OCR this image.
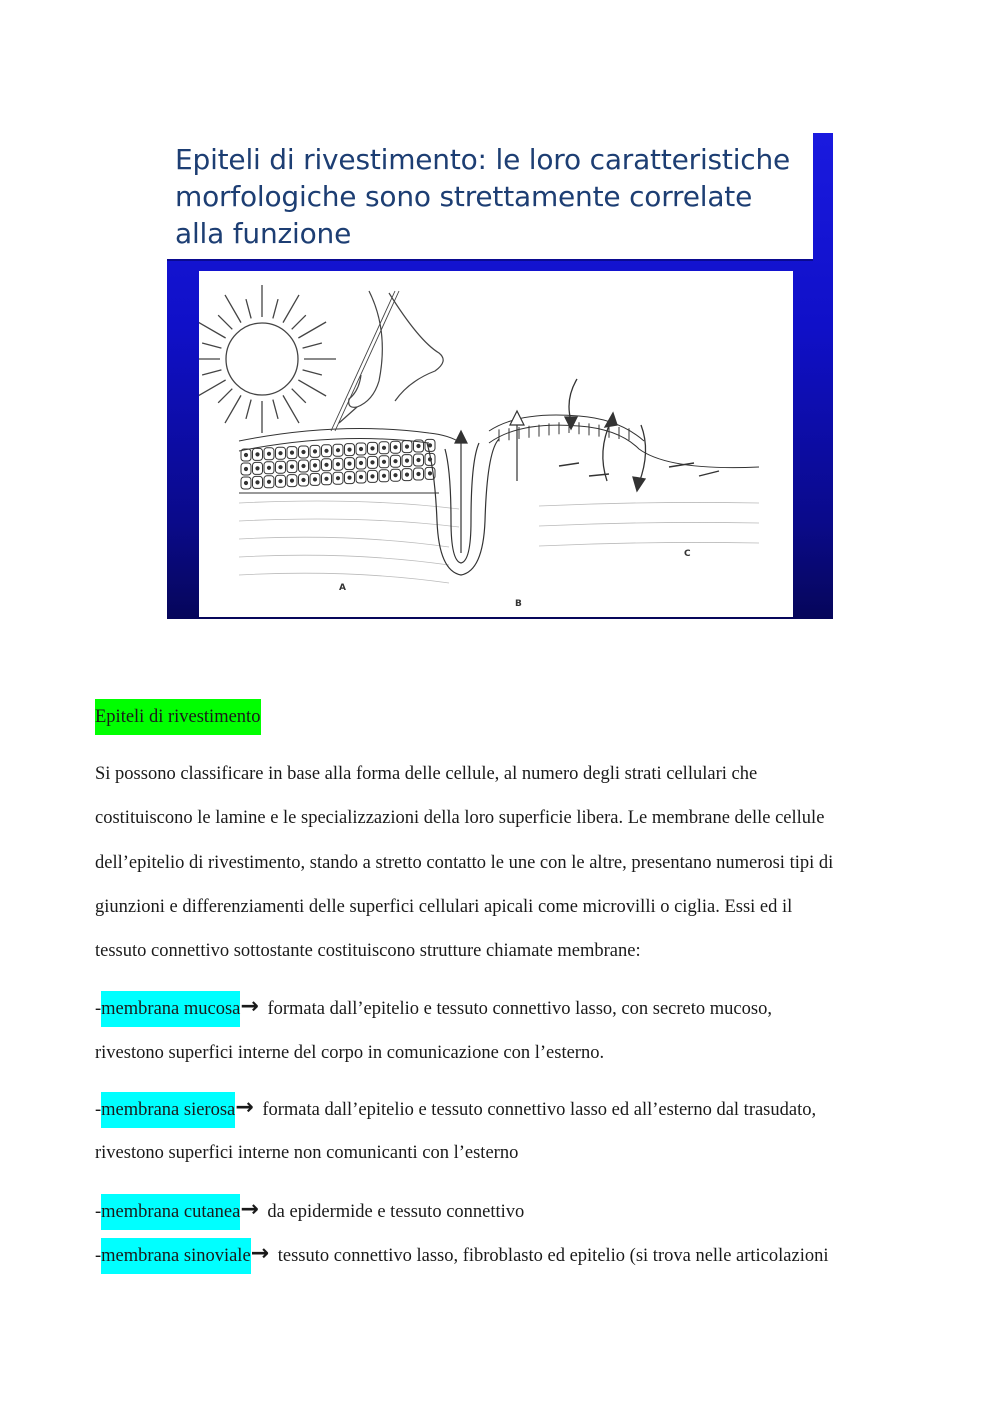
Epiteli di rivestimento: le loro caratteristiche morfologiche sono strettamente correlate alla funzione
A
B
C

Epiteli di rivestimento

Si possono classificare in base alla forma delle cellule, al numero degli strati cellulari che

costituiscono le lamine e le specializzazioni della loro superficie libera. Le membrane delle cellule

dell’epitelio di rivestimento, stando a stretto contatto le une con le altre, presentano numerosi tipi di

giunzioni e differenziamenti delle superfici cellulari apicali come microvilli o ciglia. Essi ed il

tessuto connettivo sottostante costituiscono strutture chiamate membrane:

-membrana mucosa→ formata dall’epitelio e tessuto connettivo lasso, con secreto mucoso,

rivestono superfici interne del corpo in comunicazione con l’esterno.

-membrana sierosa→ formata dall’epitelio e tessuto connettivo lasso ed all’esterno dal trasudato,

rivestono superfici interne non comunicanti con l’esterno

-membrana cutanea→ da epidermide e tessuto connettivo

-membrana sinoviale→ tessuto connettivo lasso, fibroblasto ed epitelio (si trova nelle articolazioni
